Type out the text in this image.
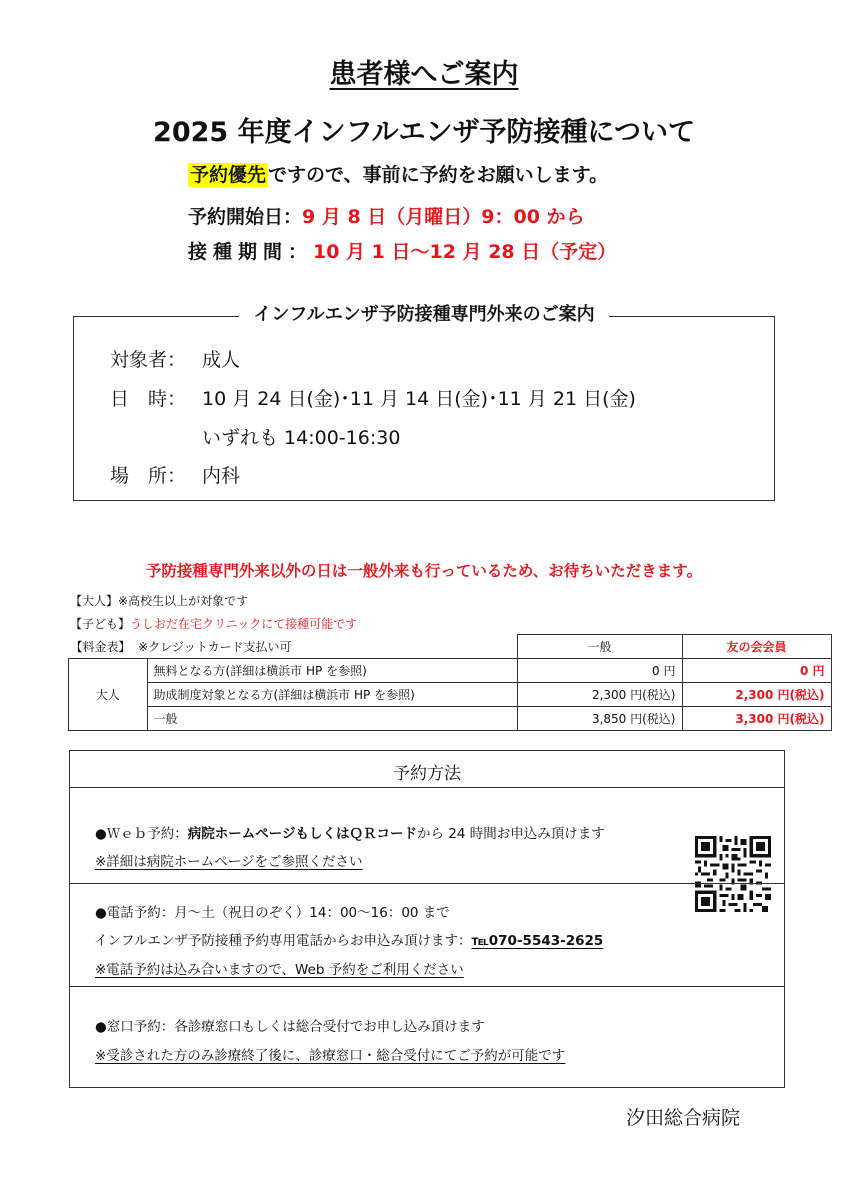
患者様へご案内
2025 年度インフルエンザ予防接種について
予約優先 ですので、事前に予約をお願いします。
予約開始日：9 月 8 日（月曜日）9：00 から
接種期間：10 月 1 日～12 月 28 日（予定）
対象者： 成人
日　時： 10 月 24 日(金)･11 月 14 日(金)･11 月 21 日(金)
いずれも 14:00-16:30
場　所： 内科
インフルエンザ予防接種専門外来のご案内
予防接種専門外来以外の日は一般外来も行っているため、お待ちいただきます。
【大人】※高校生以上が対象です
【子ども】うしおだ在宅クリニックにて接種可能です
【料金表】 ※クレジットカード支払い可		一般	友の会会員
大人	無料となる方(詳細は横浜市 HP を参照)	0 円	0 円
	助成制度対象となる方(詳細は横浜市 HP を参照)	2,300 円(税込)	2,300 円(税込)
	一般	3,850 円(税込)	3,300 円(税込)
予約方法
●Ｗｅｂ予約：病院ホームページもしくはＱＲコードから 24 時間お申込み頂けます
※詳細は病院ホームページをご参照ください
●電話予約：月～土（祝日のぞく）14：00～16：00 まで
インフルエンザ予防接種予約専用電話からお申込み頂けます：℡070-5543-2625
※電話予約は込み合いますので、Web 予約をご利用ください
●窓口予約：各診療窓口もしくは総合受付でお申し込み頂けます
※受診された方のみ診療終了後に、診療窓口・総合受付にてご予約が可能です
汐田総合病院
